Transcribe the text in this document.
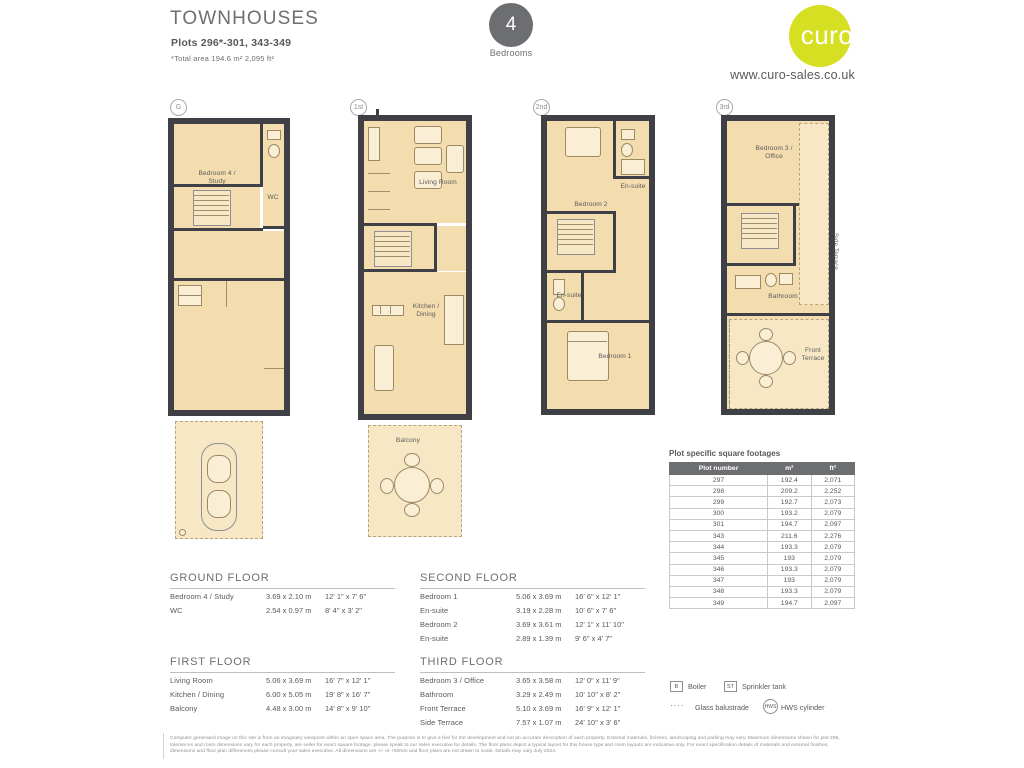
TOWNHOUSES
Plots 296*-301, 343-349
*Total area 194.6 m² 2,095 ft²
4
Bedrooms
curo
www.curo-sales.co.uk
G	1st	2nd	3rd
Bedroom 4 /
Study
WC
Living Room
Kitchen /
Dining
Balcony
Bedroom 2
En-suite
En-suite
Bedroom 1
Bedroom 3 /
Office
Bathroom
Side Terrace
Front
Terrace
GROUND FLOOR
Bedroom 4 / Study	3.69 x 2.10 m 12' 1" x 7' 6"
WC	2.54 x 0.97 m 8' 4" x 3' 2"
FIRST FLOOR
Living Room	5.06 x 3.69 m 16' 7" x 12' 1"
Kitchen / Dining	6.00 x 5.05 m 19' 8" x 16' 7"
Balcony	4.48 x 3.00 m 14' 8" x 9' 10"
SECOND FLOOR
Bedroom 1	5.06 x 3.69 m 16' 6" x 12' 1"
En-suite	3.19 x 2.28 m 10' 6" x 7' 6"
Bedroom 2	3.69 x 3.61 m 12' 1" x 11' 10"
En-suite	2.89 x 1.39 m 9' 6" x 4' 7"
THIRD FLOOR
Bedroom 3 / Office	3.65 x 3.58 m 12' 0" x 11' 9"
Bathroom	3.29 x 2.49 m 10' 10" x 8' 2"
Front Terrace	5.10 x 3.69 m 16' 9" x 12' 1"
Side Terrace	7.57 x 1.07 m 24' 10" x 3' 6"
Plot specific square footages
Plot number	m²	ft²
297	192.4	2,071
298	209.2	2,252
299	192.7	2,073
300	193.2	2,079
301	194.7	2,097
343	211.6	2,276
344	193.3	2,079
345	193	2,079
346	193.3	2,079
347	193	2,079
348	193.3	2,079
349	194.7	2,097
B	Boiler	ST	Sprinkler tank
···· Glass balustrade	HWS HWS cylinder
Computer generated image on this site is from an imaginary viewpoint within an open space area. The purpose is to give a feel for the development and not an accurate description of each property. External materials, finishes, landscaping and parking may vary. Maximum dimensions shown for plot 296, tolerances and room dimensions vary for each property, are seller for exact square footage, please speak to our sales executive for details. The floor plans depict a typical layout for this house type and room layouts are indicative only. For exact specification details of materials and external finishes, dimensions and floor plan differences please consult your sales executive. All dimensions are +/- or +50mm and floor plans are not drawn to scale. Details may vary July 2024.
